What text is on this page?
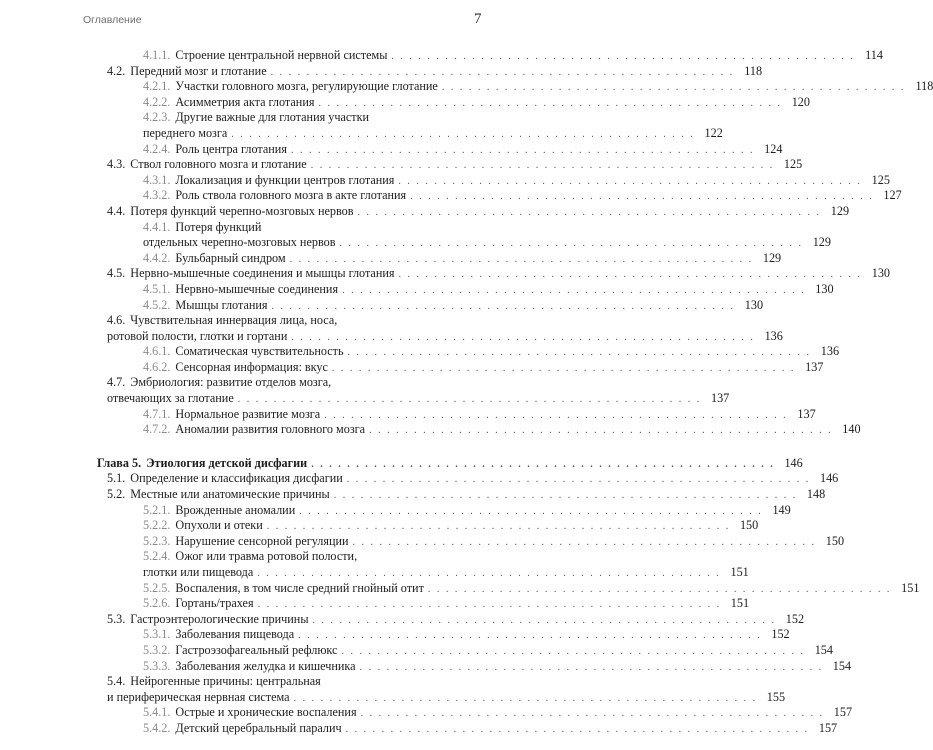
Оглавление	7
4.1.1. Строение центральной нервной системы . . . . . . . . . . . . . . . . . . . . . . . . . . . . . . . . . . . . . . . . . . . . . . . . . . . . 114
4.2. Передний мозг и глотание . . . . . . . . . . . . . . . . . . . . . . . . . . . . . . . . . . . . . . . . . . . . . . . . . . . . 118
4.2.1. Участки головного мозга, регулирующие глотание . . . . . . . . . . . . . . . . . . . . . . . . . . . . . . . . . . . . . . . . . . . . . . . . . . . . 118
4.2.2. Асимметрия акта глотания . . . . . . . . . . . . . . . . . . . . . . . . . . . . . . . . . . . . . . . . . . . . . . . . . . . . 120
4.2.3. Другие важные для глотания участки
переднего мозга . . . . . . . . . . . . . . . . . . . . . . . . . . . . . . . . . . . . . . . . . . . . . . . . . . . . 122
4.2.4. Роль центра глотания . . . . . . . . . . . . . . . . . . . . . . . . . . . . . . . . . . . . . . . . . . . . . . . . . . . . 124
4.3. Ствол головного мозга и глотание . . . . . . . . . . . . . . . . . . . . . . . . . . . . . . . . . . . . . . . . . . . . . . . . . . . . 125
4.3.1. Локализация и функции центров глотания . . . . . . . . . . . . . . . . . . . . . . . . . . . . . . . . . . . . . . . . . . . . . . . . . . . . 125
4.3.2. Роль ствола головного мозга в акте глотания . . . . . . . . . . . . . . . . . . . . . . . . . . . . . . . . . . . . . . . . . . . . . . . . . . . . 127
4.4. Потеря функций черепно-мозговых нервов . . . . . . . . . . . . . . . . . . . . . . . . . . . . . . . . . . . . . . . . . . . . . . . . . . . . 129
4.4.1. Потеря функций
отдельных черепно-мозговых нервов . . . . . . . . . . . . . . . . . . . . . . . . . . . . . . . . . . . . . . . . . . . . . . . . . . . . 129
4.4.2. Бульбарный синдром . . . . . . . . . . . . . . . . . . . . . . . . . . . . . . . . . . . . . . . . . . . . . . . . . . . . 129
4.5. Нервно-мышечные соединения и мышцы глотания . . . . . . . . . . . . . . . . . . . . . . . . . . . . . . . . . . . . . . . . . . . . . . . . . . . . 130
4.5.1. Нервно-мышечные соединения . . . . . . . . . . . . . . . . . . . . . . . . . . . . . . . . . . . . . . . . . . . . . . . . . . . . 130
4.5.2. Мышцы глотания . . . . . . . . . . . . . . . . . . . . . . . . . . . . . . . . . . . . . . . . . . . . . . . . . . . . 130
4.6. Чувствительная иннервация лица, носа,
ротовой полости, глотки и гортани . . . . . . . . . . . . . . . . . . . . . . . . . . . . . . . . . . . . . . . . . . . . . . . . . . . . 136
4.6.1. Соматическая чувствительность . . . . . . . . . . . . . . . . . . . . . . . . . . . . . . . . . . . . . . . . . . . . . . . . . . . . 136
4.6.2. Сенсорная информация: вкус . . . . . . . . . . . . . . . . . . . . . . . . . . . . . . . . . . . . . . . . . . . . . . . . . . . . 137
4.7. Эмбриология: развитие отделов мозга,
отвечающих за глотание . . . . . . . . . . . . . . . . . . . . . . . . . . . . . . . . . . . . . . . . . . . . . . . . . . . . 137
4.7.1. Нормальное развитие мозга . . . . . . . . . . . . . . . . . . . . . . . . . . . . . . . . . . . . . . . . . . . . . . . . . . . . 137
4.7.2. Аномалии развития головного мозга . . . . . . . . . . . . . . . . . . . . . . . . . . . . . . . . . . . . . . . . . . . . . . . . . . . . 140
Глава 5. Этиология детской дисфагии . . . . . . . . . . . . . . . . . . . . . . . . . . . . . . . . . . . . . . . . . . . . . . . . . . . . 146
5.1. Определение и классификация дисфагии . . . . . . . . . . . . . . . . . . . . . . . . . . . . . . . . . . . . . . . . . . . . . . . . . . . . 146
5.2. Местные или анатомические причины . . . . . . . . . . . . . . . . . . . . . . . . . . . . . . . . . . . . . . . . . . . . . . . . . . . . 148
5.2.1. Врожденные аномалии . . . . . . . . . . . . . . . . . . . . . . . . . . . . . . . . . . . . . . . . . . . . . . . . . . . . 149
5.2.2. Опухоли и отеки . . . . . . . . . . . . . . . . . . . . . . . . . . . . . . . . . . . . . . . . . . . . . . . . . . . . 150
5.2.3. Нарушение сенсорной регуляции . . . . . . . . . . . . . . . . . . . . . . . . . . . . . . . . . . . . . . . . . . . . . . . . . . . . 150
5.2.4. Ожог или травма ротовой полости,
глотки или пищевода . . . . . . . . . . . . . . . . . . . . . . . . . . . . . . . . . . . . . . . . . . . . . . . . . . . . 151
5.2.5. Воспаления, в том числе средний гнойный отит . . . . . . . . . . . . . . . . . . . . . . . . . . . . . . . . . . . . . . . . . . . . . . . . . . . . 151
5.2.6. Гортань/трахея . . . . . . . . . . . . . . . . . . . . . . . . . . . . . . . . . . . . . . . . . . . . . . . . . . . . 151
5.3. Гастроэнтерологические причины . . . . . . . . . . . . . . . . . . . . . . . . . . . . . . . . . . . . . . . . . . . . . . . . . . . . 152
5.3.1. Заболевания пищевода . . . . . . . . . . . . . . . . . . . . . . . . . . . . . . . . . . . . . . . . . . . . . . . . . . . . 152
5.3.2. Гастроэзофагеальный рефлюкс . . . . . . . . . . . . . . . . . . . . . . . . . . . . . . . . . . . . . . . . . . . . . . . . . . . . 154
5.3.3. Заболевания желудка и кишечника . . . . . . . . . . . . . . . . . . . . . . . . . . . . . . . . . . . . . . . . . . . . . . . . . . . . 154
5.4. Нейрогенные причины: центральная
и периферическая нервная система . . . . . . . . . . . . . . . . . . . . . . . . . . . . . . . . . . . . . . . . . . . . . . . . . . . . 155
5.4.1. Острые и хронические воспаления . . . . . . . . . . . . . . . . . . . . . . . . . . . . . . . . . . . . . . . . . . . . . . . . . . . . 157
5.4.2. Детский церебральный паралич . . . . . . . . . . . . . . . . . . . . . . . . . . . . . . . . . . . . . . . . . . . . . . . . . . . . 157
